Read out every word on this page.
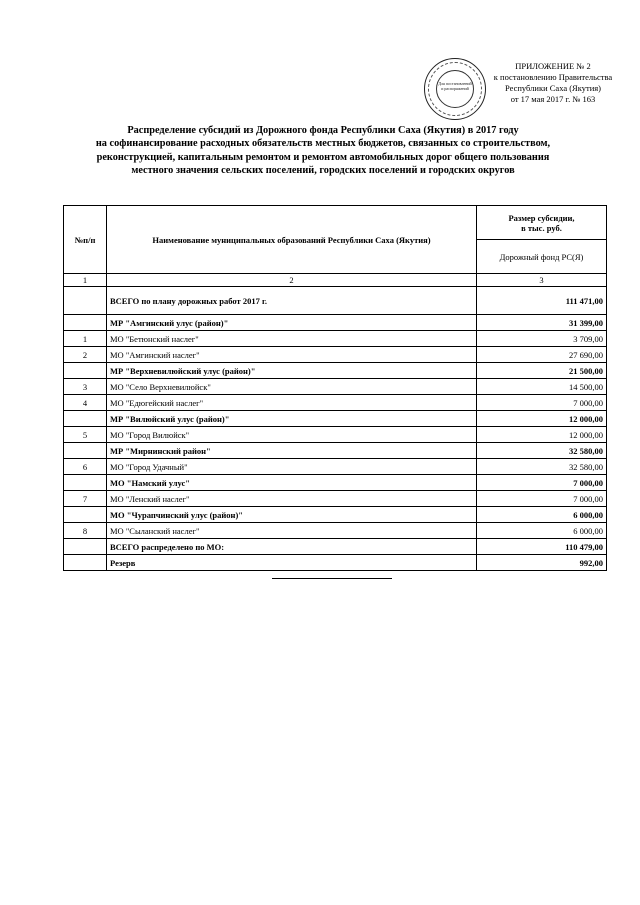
Для постановлений и распоряжений
ПРИЛОЖЕНИЕ № 2
к постановлению Правительства
Республики Саха (Якутия)
от 17 мая 2017 г. № 163
Распределение субсидий из Дорожного фонда Республики Саха (Якутия) в 2017 году
на софинансирование расходных обязательств местных бюджетов, связанных со строительством,
реконструкцией, капитальным ремонтом и ремонтом автомобильных дорог общего пользования
местного значения сельских поселений, городских поселений и городских округов
№п/п	Наименование муниципальных образований Республики Саха (Якутия)	Размер субсидии,
в тыс. руб.

		Дорожный фонд РС(Я)
1	2	3
	ВСЕГО по плану дорожных работ 2017 г.	111 471,00
	МР "Амгинский улус (район)"	31 399,00
1	МО "Бетюнский наслег"	3 709,00
2	МО "Амгинский наслег"	27 690,00
	МР "Верхневилюйский улус (район)"	21 500,00
3	МО "Село Верхневилюйск"	14 500,00
4	МО "Едюгейский наслег"	7 000,00
	МР "Вилюйский улус (район)"	12 000,00
5	МО "Город Вилюйск"	12 000,00
	МР "Мирнинский район"	32 580,00
6	МО "Город Удачный"	32 580,00
	МО "Намский улус"	7 000,00
7	МО "Ленский наслег"	7 000,00
	МО "Чурапчинский улус (район)"	6 000,00
8	МО "Сыланский наслег"	6 000,00
	ВСЕГО распределено по МО:	110 479,00
	Резерв	992,00
